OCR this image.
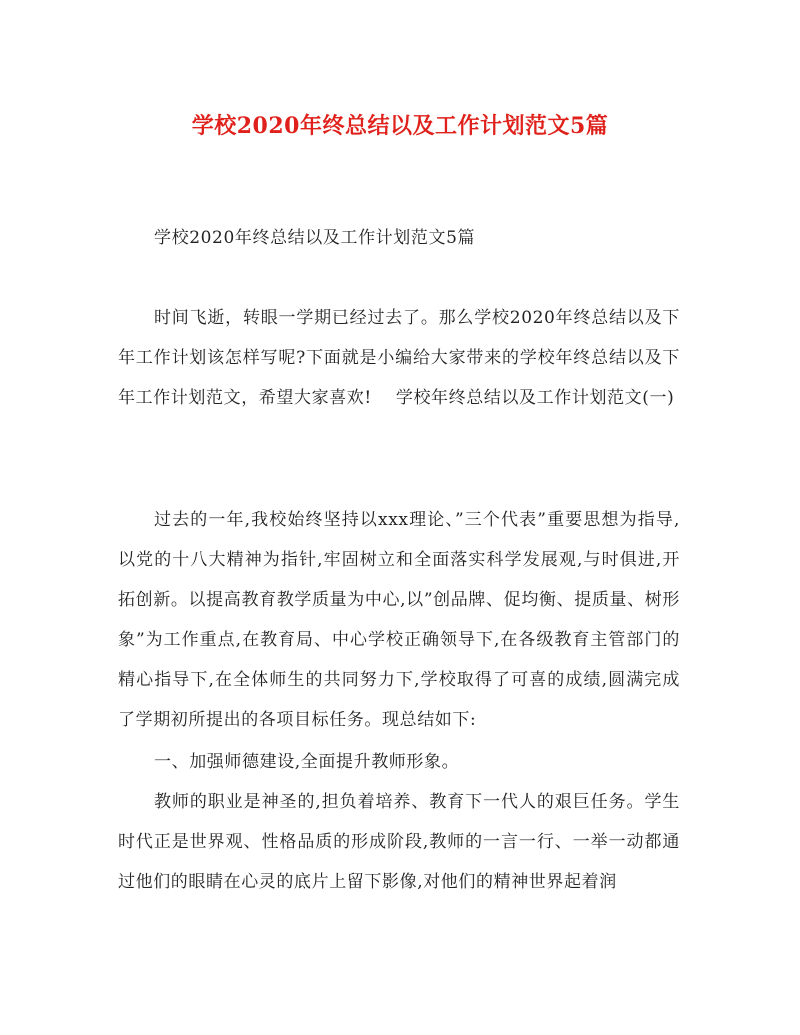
学校2020年终总结以及工作计划范文5篇

学校2020年终总结以及工作计划范文5篇

时间飞逝，转眼一学期已经过去了。那么学校2020年终总结以及下年工作计划该怎样写呢?下面就是小编给大家带来的学校年终总结以及下年工作计划范文，希望大家喜欢! 学校年终总结以及工作计划范文(一)

过去的一年,我校始终坚持以xxx理论、”三个代表”重要思想为指导,以党的十八大精神为指针,牢固树立和全面落实科学发展观,与时俱进,开拓创新。以提高教育教学质量为中心,以”创品牌、促均衡、提质量、树形象”为工作重点,在教育局、中心学校正确领导下,在各级教育主管部门的精心指导下,在全体师生的共同努力下,学校取得了可喜的成绩,圆满完成了学期初所提出的各项目标任务。现总结如下:

一、加强师德建设,全面提升教师形象。

教师的职业是神圣的,担负着培养、教育下一代人的艰巨任务。学生时代正是世界观、性格品质的形成阶段,教师的一言一行、一举一动都通过他们的眼睛在心灵的底片上留下影像,对他们的精神世界起着润
